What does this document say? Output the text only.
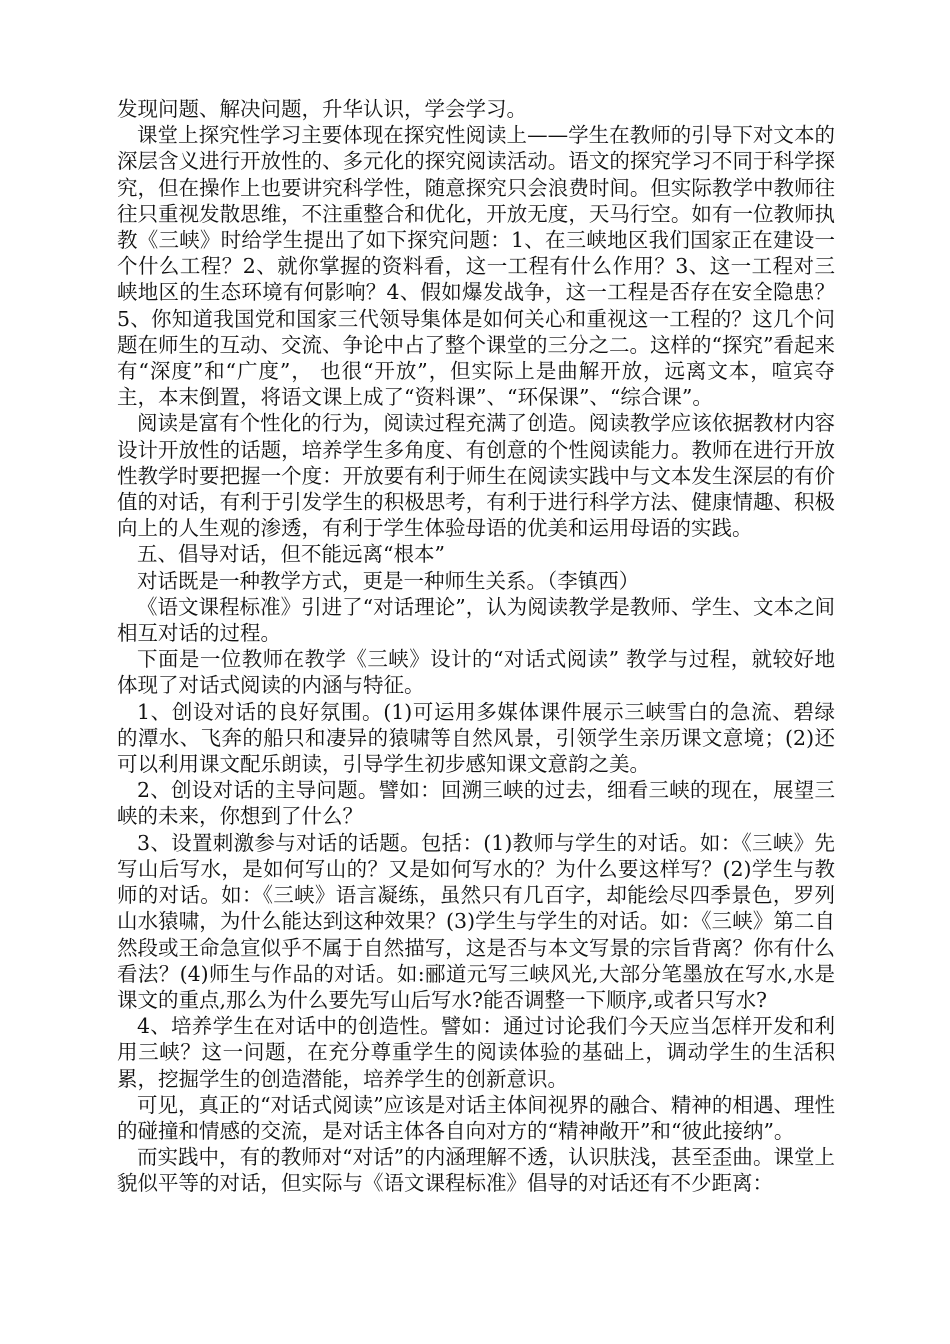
发现问题、解决问题，升华认识，学会学习。

课堂上探究性学习主要体现在探究性阅读上——学生在教师的引导下对文本的深层含义进行开放性的、多元化的探究阅读活动。语文的探究学习不同于科学探究，但在操作上也要讲究科学性，随意探究只会浪费时间。但实际教学中教师往往只重视发散思维，不注重整合和优化，开放无度，天马行空。如有一位教师执教《三峡》时给学生提出了如下探究问题：1、在三峡地区我们国家正在建设一个什么工程？2、就你掌握的资料看，这一工程有什么作用？3、这一工程对三峡地区的生态环境有何影响？4、假如爆发战争，这一工程是否存在安全隐患？5、你知道我国党和国家三代领导集体是如何关心和重视这一工程的？这几个问题在师生的互动、交流、争论中占了整个课堂的三分之二。这样的“探究”看起来有“深度”和“广度”， 也很“开放”，但实际上是曲解开放，远离文本，喧宾夺主，本末倒置，将语文课上成了“资料课”、“环保课”、“综合课”。

阅读是富有个性化的行为，阅读过程充满了创造。阅读教学应该依据教材内容设计开放性的话题，培养学生多角度、有创意的个性阅读能力。教师在进行开放性教学时要把握一个度：开放要有利于师生在阅读实践中与文本发生深层的有价值的对话，有利于引发学生的积极思考，有利于进行科学方法、健康情趣、积极向上的人生观的渗透，有利于学生体验母语的优美和运用母语的实践。

五、倡导对话，但不能远离“根本”

对话既是一种教学方式，更是一种师生关系。（李镇西）

《语文课程标准》引进了“对话理论”，认为阅读教学是教师、学生、文本之间相互对话的过程。

下面是一位教师在教学《三峡》设计的“对话式阅读” 教学与过程，就较好地体现了对话式阅读的内涵与特征。

1、创设对话的良好氛围。(1)可运用多媒体课件展示三峡雪白的急流、碧绿的潭水、飞奔的船只和凄异的猿啸等自然风景，引领学生亲历课文意境；(2)还可以利用课文配乐朗读，引导学生初步感知课文意韵之美。

2、创设对话的主导问题。譬如：回溯三峡的过去，细看三峡的现在，展望三峡的未来，你想到了什么？

3、设置刺激参与对话的话题。包括：(1)教师与学生的对话。如：《三峡》先写山后写水，是如何写山的？又是如何写水的？为什么要这样写？(2)学生与教师的对话。如：《三峡》语言凝练，虽然只有几百字，却能绘尽四季景色，罗列山水猿啸，为什么能达到这种效果？(3)学生与学生的对话。如：《三峡》第二自然段或王命急宣似乎不属于自然描写，这是否与本文写景的宗旨背离？你有什么看法？(4)师生与作品的对话。如:郦道元写三峡风光,大部分笔墨放在写水,水是课文的重点,那么为什么要先写山后写水?能否调整一下顺序,或者只写水?

4、培养学生在对话中的创造性。譬如：通过讨论我们今天应当怎样开发和利用三峡？这一问题，在充分尊重学生的阅读体验的基础上，调动学生的生活积累，挖掘学生的创造潜能，培养学生的创新意识。

可见，真正的“对话式阅读”应该是对话主体间视界的融合、精神的相遇、理性的碰撞和情感的交流，是对话主体各自向对方的“精神敞开”和“彼此接纳”。

而实践中，有的教师对“对话”的内涵理解不透，认识肤浅，甚至歪曲。课堂上貌似平等的对话，但实际与《语文课程标准》倡导的对话还有不少距离：
